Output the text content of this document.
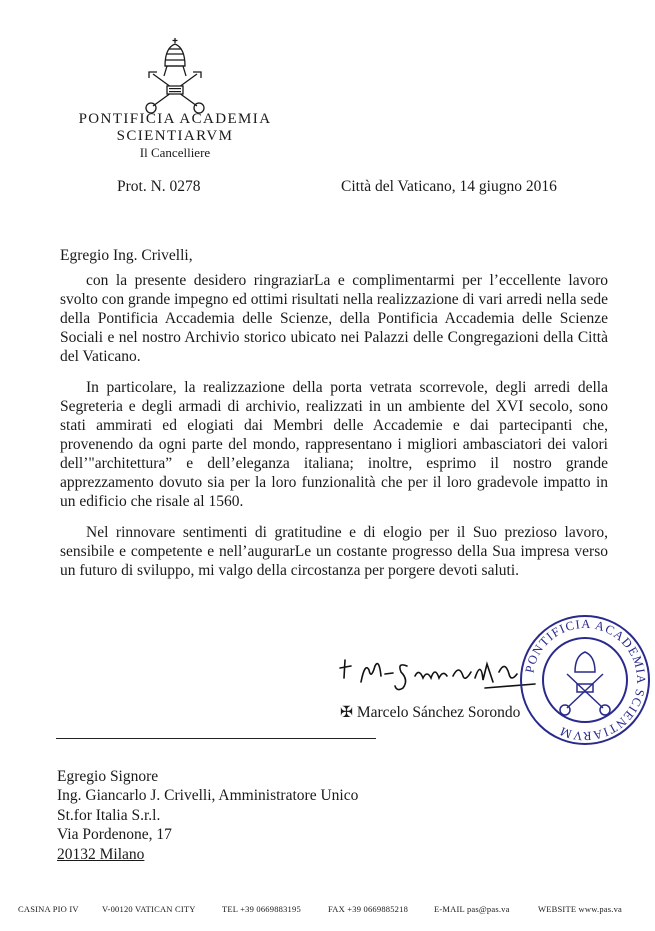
PONTIFICIA ACADEMIA
SCIENTIARVM
Il Cancelliere
Prot. N. 0278	Città del Vaticano, 14 giugno 2016

Egregio Ing. Crivelli,

con la presente desidero ringraziarLa e complimentarmi per l’eccellente lavoro svolto con grande impegno ed ottimi risultati nella realizzazione di vari arredi nella sede della Pontificia Accademia delle Scienze, della Pontificia Accademia delle Scienze Sociali e nel nostro Archivio storico ubicato nei Palazzi delle Congregazioni della Città del Vaticano.

In particolare, la realizzazione della porta vetrata scorrevole, degli arredi della Segreteria e degli armadi di archivio, realizzati in un ambiente del XVI secolo, sono stati ammirati ed elogiati dai Membri delle Accademie e dai partecipanti che, provenendo da ogni parte del mondo, rappresentano i migliori ambasciatori dei valori dell’"architettura” e dell’eleganza italiana; inoltre, esprimo il nostro grande apprezzamento dovuto sia per la loro funzionalità che per il loro gradevole impatto in un edificio che risale al 1560.

Nel rinnovare sentimenti di gratitudine e di elogio per il Suo prezioso lavoro, sensibile e competente e nell’augurarLe un costante progresso della Sua impresa verso un futuro di sviluppo, mi valgo della circostanza per porgere devoti saluti.

✠ Marcelo Sánchez Sorondo
PONTIFICIA ACADEMIA SCIENTIARVM
Egregio Signore
Ing. Giancarlo J. Crivelli, Amministratore Unico
St.for Italia S.r.l.
Via Pordenone, 17
20132 Milano
CASINA PIO IV	V-00120 VATICAN CITY	TEL +39 0669883195	FAX +39 0669885218	E-MAIL pas@pas.va	WEBSITE www.pas.va
